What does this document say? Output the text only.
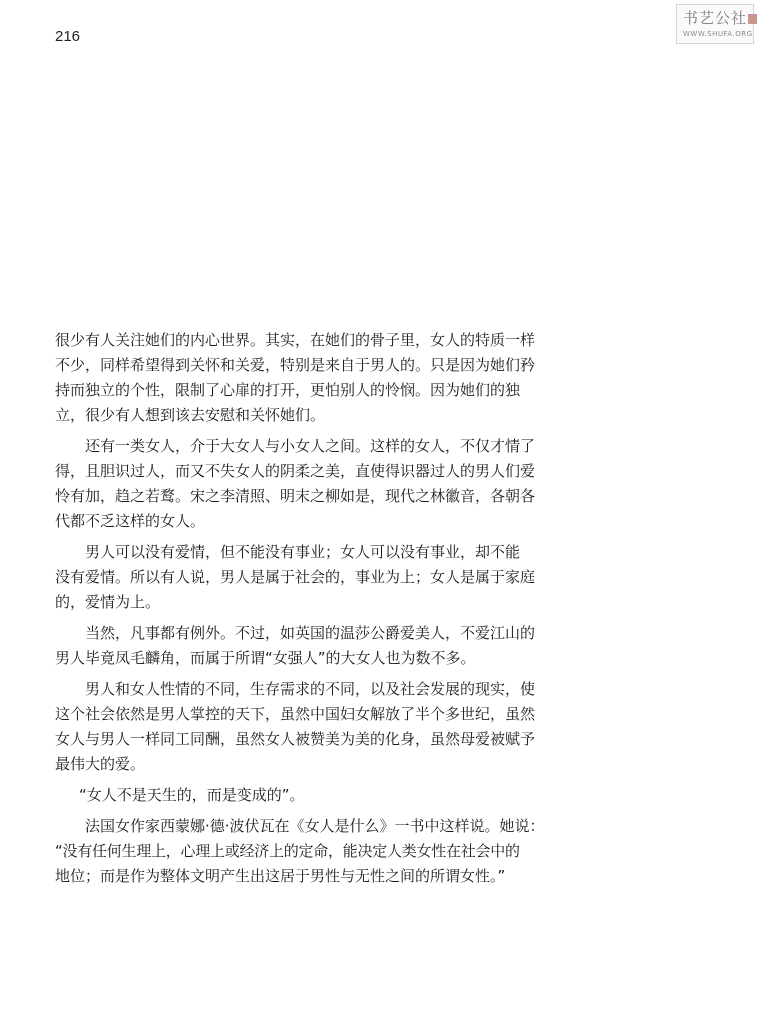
216
书艺公社
WWW.SHUFA.ORG
很少有人关注她们的内心世界。其实，在她们的骨子里，女人的特质一样
不少，同样希望得到关怀和关爱，特别是来自于男人的。只是因为她们矜
持而独立的个性，限制了心扉的打开，更怕别人的怜悯。因为她们的独
立，很少有人想到该去安慰和关怀她们。
还有一类女人，介于大女人与小女人之间。这样的女人，不仅才情了
得，且胆识过人，而又不失女人的阴柔之美，直使得识器过人的男人们爱
怜有加，趋之若鹜。宋之李清照、明末之柳如是，现代之林徽音，各朝各
代都不乏这样的女人。
男人可以没有爱情，但不能没有事业；女人可以没有事业，却不能
没有爱情。所以有人说，男人是属于社会的，事业为上；女人是属于家庭
的，爱情为上。
当然，凡事都有例外。不过，如英国的温莎公爵爱美人，不爱江山的
男人毕竟凤毛麟角，而属于所谓“女强人”的大女人也为数不多。
男人和女人性情的不同，生存需求的不同，以及社会发展的现实，使
这个社会依然是男人掌控的天下，虽然中国妇女解放了半个多世纪，虽然
女人与男人一样同工同酬，虽然女人被赞美为美的化身，虽然母爱被赋予
最伟大的爱。
“女人不是天生的，而是变成的”。
法国女作家西蒙娜·德·波伏瓦在《女人是什么》一书中这样说。她说：
“没有任何生理上，心理上或经济上的定命，能决定人类女性在社会中的
地位；而是作为整体文明产生出这居于男性与无性之间的所谓女性。”
